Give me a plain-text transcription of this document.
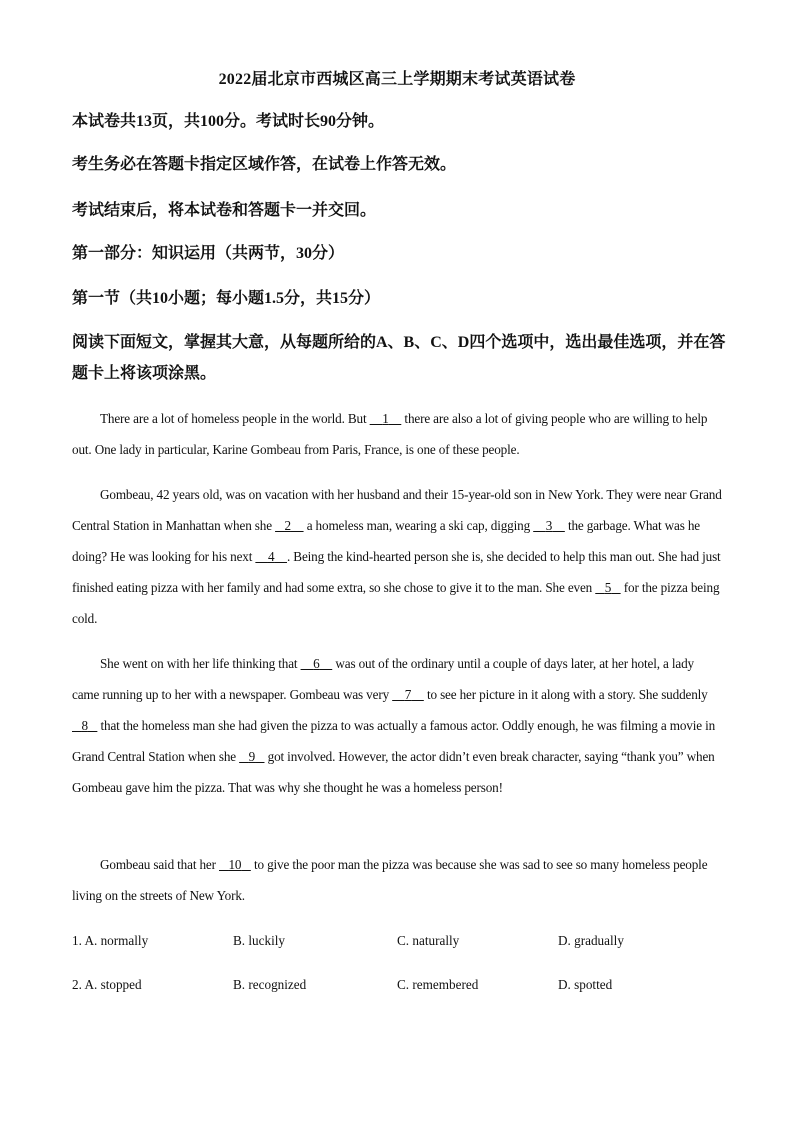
2022届北京市西城区高三上学期期末考试英语试卷
本试卷共13页，共100分。考试时长90分钟。
考生务必在答题卡指定区域作答，在试卷上作答无效。
考试结束后，将本试卷和答题卡一并交回。
第一部分：知识运用（共两节，30分）
第一节（共10小题；每小题1.5分，共15分）
阅读下面短文，掌握其大意，从每题所给的A、B、C、D四个选项中，选出最佳选项，并在答题卡上将该项涂黑。
There are a lot of homeless people in the world. But     1     there are also a lot of giving people who are willing to help out. One lady in particular, Karine Gombeau from Paris, France, is one of these people.
Gombeau, 42 years old, was on vacation with her husband and their 15-year-old son in New York. They were near Grand Central Station in Manhattan when she    2     a homeless man, wearing a ski cap, digging     3     the garbage. What was he doing? He was looking for his next     4 . Being the kind-hearted person she is, she decided to help this man out. She had just finished eating pizza with her family and had some extra, so she chose to give it to the man. She even    5    for the pizza being cold.
She went on with her life thinking that     6     was out of the ordinary until a couple of days later, at her hotel, a lady came running up to her with a newspaper. Gombeau was very     7     to see her picture in it along with a story. She suddenly    8    that the homeless man she had given the pizza to was actually a famous actor. Oddly enough, he was filming a movie in Grand Central Station when she    9    got involved. However, the actor didn’t even break character, saying “thank you” when Gombeau gave him the pizza. That was why she thought he was a homeless person!
Gombeau said that her    10    to give the poor man the pizza was because she was sad to see so many homeless people living on the streets of New York.
1. A. normally	B. luckily	C. naturally	D. gradually
2. A. stopped	B. recognized	C. remembered	D. spotted
